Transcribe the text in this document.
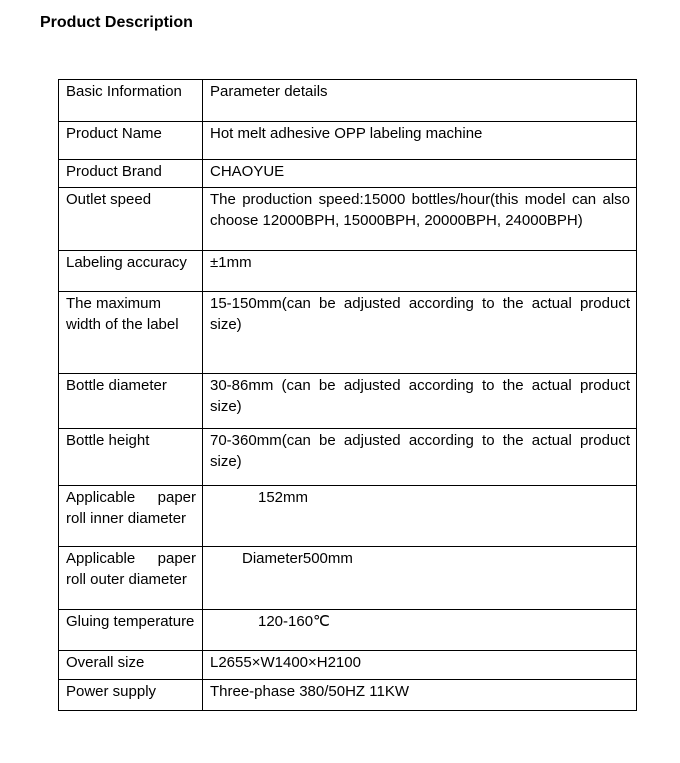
Product Description
Basic Information	Parameter details
Product Name	Hot melt adhesive OPP labeling machine
Product Brand	CHAOYUE
Outlet speed	The production speed:15000 bottles/hour(this model can also choose 12000BPH, 15000BPH, 20000BPH, 24000BPH)
Labeling accuracy	±1mm
The maximum width of the label	15-150mm(can be adjusted according to the actual product size)
Bottle diameter	30-86mm (can be adjusted according to the actual product size)
Bottle height	70-360mm(can be adjusted according to the actual product size)
Applicable paper roll inner diameter	152mm
Applicable paper roll outer diameter	Diameter500mm
Gluing temperature	120-160℃
Overall size	L2655×W1400×H2100
Power supply	Three-phase 380/50HZ 11KW
